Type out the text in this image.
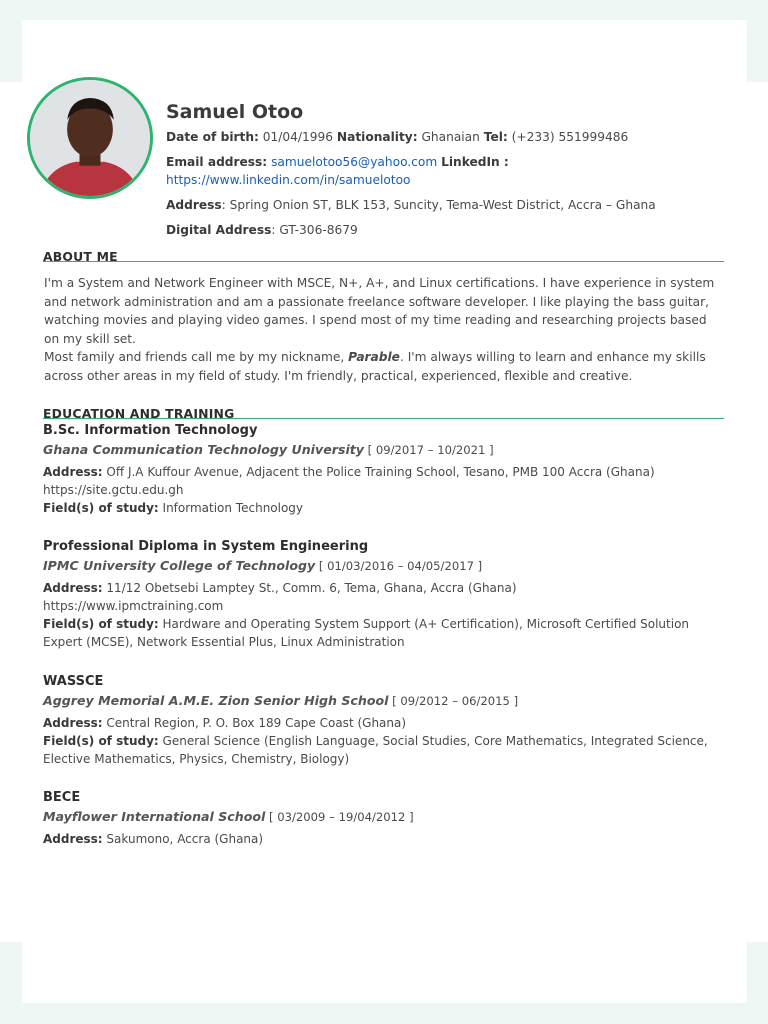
Samuel Otoo
Date of birth: 01/04/1996 Nationality: Ghanaian Tel: (+233) 551999486
Email address: samuelotoo56@yahoo.com LinkedIn :
https://www.linkedin.com/in/samuelotoo
Address: Spring Onion ST, BLK 153, Suncity, Tema-West District, Accra – Ghana
Digital Address: GT-306-8679
ABOUT ME

I'm a System and Network Engineer with MSCE, N+, A+, and Linux certifications. I have experience in system and network administration and am a passionate freelance software developer. I like playing the bass guitar, watching movies and playing video games. I spend most of my time reading and researching projects based on my skill set.

Most family and friends call me by my nickname, Parable. I'm always willing to learn and enhance my skills across other areas in my field of study. I'm friendly, practical, experienced, flexible and creative.

EDUCATION AND TRAINING
B.Sc. Information Technology
Ghana Communication Technology University [ 09/2017 – 10/2021 ]
Address: Off J.A Kuffour Avenue, Adjacent the Police Training School, Tesano, PMB 100 Accra (Ghana)
https://site.gctu.edu.gh
Field(s) of study: Information Technology
Professional Diploma in System Engineering
IPMC University College of Technology [ 01/03/2016 – 04/05/2017 ]
Address: 11/12 Obetsebi Lamptey St., Comm. 6, Tema, Ghana, Accra (Ghana)
https://www.ipmctraining.com
Field(s) of study: Hardware and Operating System Support (A+ Certification), Microsoft Certified Solution Expert (MCSE), Network Essential Plus, Linux Administration
WASSCE
Aggrey Memorial A.M.E. Zion Senior High School [ 09/2012 – 06/2015 ]
Address: Central Region, P. O. Box 189 Cape Coast (Ghana)
Field(s) of study: General Science (English Language, Social Studies, Core Mathematics, Integrated Science, Elective Mathematics, Physics, Chemistry, Biology)
BECE
Mayflower International School [ 03/2009 – 19/04/2012 ]
Address: Sakumono, Accra (Ghana)
